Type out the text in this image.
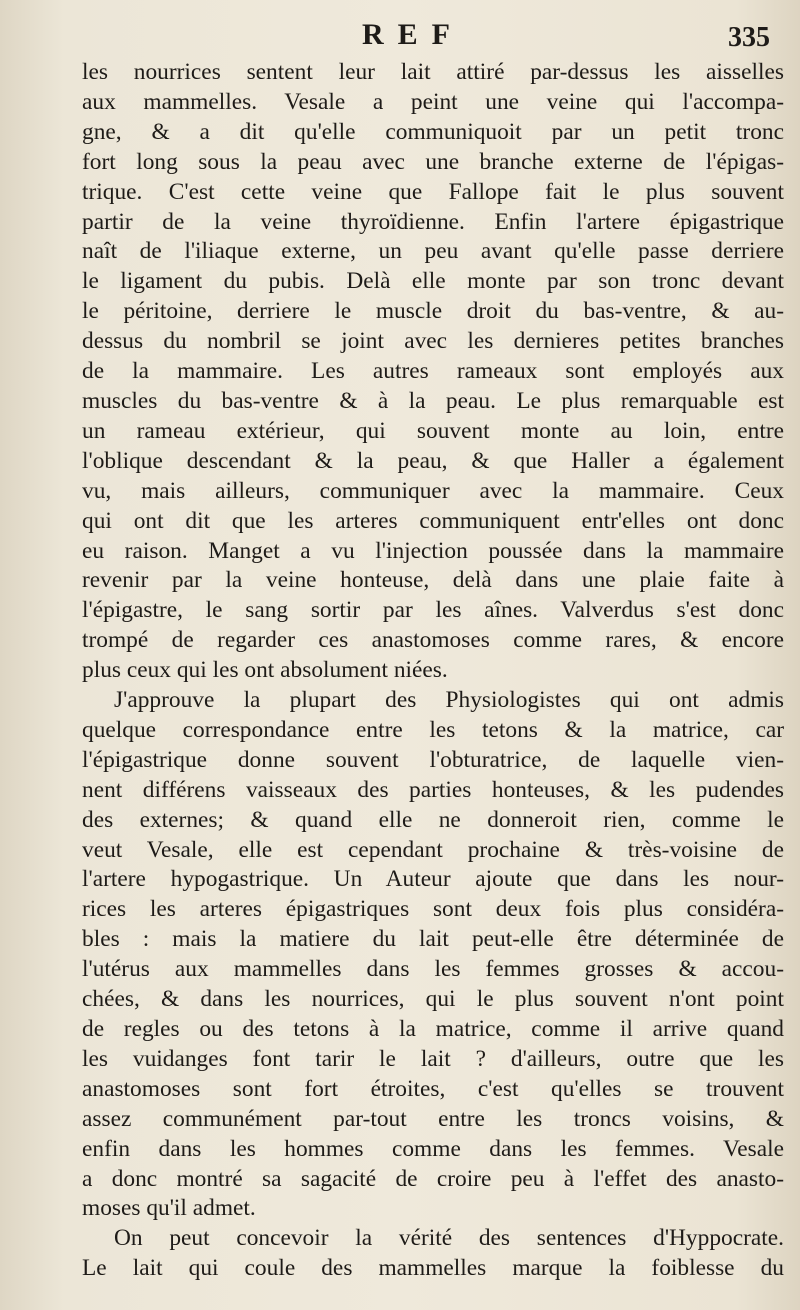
REF	335
les nourrices sentent leur lait attiré par-dessus les aisselles
aux mammelles. Vesale a peint une veine qui l'accompa-
gne, & a dit qu'elle communiquoit par un petit tronc
fort long sous la peau avec une branche externe de l'épigas-
trique. C'est cette veine que Fallope fait le plus souvent
partir de la veine thyroïdienne. Enfin l'artere épigastrique
naît de l'iliaque externe, un peu avant qu'elle passe derriere
le ligament du pubis. Delà elle monte par son tronc devant
le péritoine, derriere le muscle droit du bas-ventre, & au-
dessus du nombril se joint avec les dernieres petites branches
de la mammaire. Les autres rameaux sont employés aux
muscles du bas-ventre & à la peau. Le plus remarquable est
un rameau extérieur, qui souvent monte au loin, entre
l'oblique descendant & la peau, & que Haller a également
vu, mais ailleurs, communiquer avec la mammaire. Ceux
qui ont dit que les arteres communiquent entr'elles ont donc
eu raison. Manget a vu l'injection poussée dans la mammaire
revenir par la veine honteuse, delà dans une plaie faite à
l'épigastre, le sang sortir par les aînes. Valverdus s'est donc
trompé de regarder ces anastomoses comme rares, & encore
plus ceux qui les ont absolument niées.
J'approuve la plupart des Physiologistes qui ont admis
quelque correspondance entre les tetons & la matrice, car
l'épigastrique donne souvent l'obturatrice, de laquelle vien-
nent différens vaisseaux des parties honteuses, & les pudendes
des externes; & quand elle ne donneroit rien, comme le
veut Vesale, elle est cependant prochaine & très-voisine de
l'artere hypogastrique. Un Auteur ajoute que dans les nour-
rices les arteres épigastriques sont deux fois plus considéra-
bles : mais la matiere du lait peut-elle être déterminée de
l'utérus aux mammelles dans les femmes grosses & accou-
chées, & dans les nourrices, qui le plus souvent n'ont point
de regles ou des tetons à la matrice, comme il arrive quand
les vuidanges font tarir le lait ? d'ailleurs, outre que les
anastomoses sont fort étroites, c'est qu'elles se trouvent
assez communément par-tout entre les troncs voisins, &
enfin dans les hommes comme dans les femmes. Vesale
a donc montré sa sagacité de croire peu à l'effet des anasto-
moses qu'il admet.
On peut concevoir la vérité des sentences d'Hyppocrate.
Le lait qui coule des mammelles marque la foiblesse du
